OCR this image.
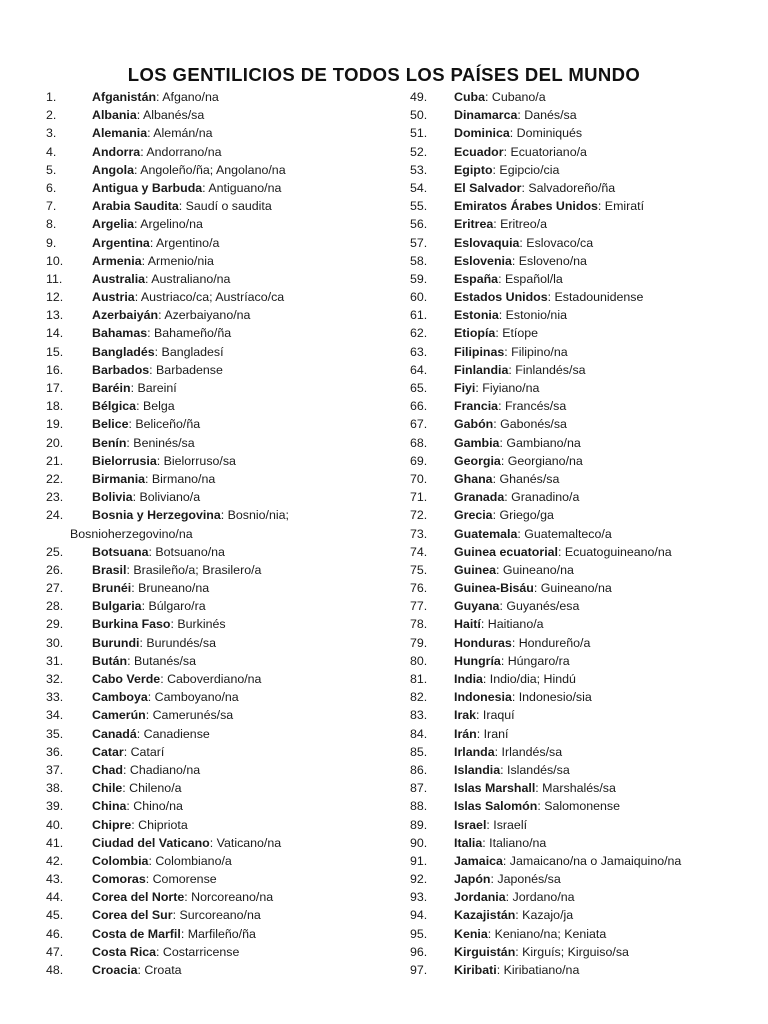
LOS GENTILICIOS DE TODOS LOS PAÍSES DEL MUNDO
1.	Afganistán: Afgano/na
2.	Albania: Albanés/sa
3.	Alemania: Alemán/na
4.	Andorra: Andorrano/na
5.	Angola: Angoleño/ña; Angolano/na
6.	Antigua y Barbuda: Antiguano/na
7.	Arabia Saudita: Saudí o saudita
8.	Argelia: Argelino/na
9.	Argentina: Argentino/a
10. Armenia: Armenio/nia
11. Australia: Australiano/na
12. Austria: Austriaco/ca; Austríaco/ca
13. Azerbaiyán: Azerbaiyano/na
14. Bahamas: Bahameño/ña
15. Bangladés: Bangladesí
16. Barbados: Barbadense
17. Baréin: Bareiní
18. Bélgica: Belga
19. Belice: Beliceño/ña
20. Benín: Beninés/sa
21. Bielorrusia: Bielorruso/sa
22. Birmania: Birmano/na
23. Bolivia: Boliviano/a
24. Bosnia y Herzegovina: Bosnio/nia;
Bosnioherzegovino/na
25. Botsuana: Botsuano/na
26. Brasil: Brasileño/a; Brasilero/a
27. Brunéi: Bruneano/na
28. Bulgaria: Búlgaro/ra
29. Burkina Faso: Burkinés
30. Burundi: Burundés/sa
31. Bután: Butanés/sa
32. Cabo Verde: Caboverdiano/na
33. Camboya: Camboyano/na
34. Camerún: Camerunés/sa
35. Canadá: Canadiense
36. Catar: Catarí
37. Chad: Chadiano/na
38. Chile: Chileno/a
39. China: Chino/na
40. Chipre: Chipriota
41. Ciudad del Vaticano: Vaticano/na
42. Colombia: Colombiano/a
43. Comoras: Comorense
44. Corea del Norte: Norcoreano/na
45. Corea del Sur: Surcoreano/na
46. Costa de Marfil: Marfileño/ña
47. Costa Rica: Costarricense
48. Croacia: Croata
49. Cuba: Cubano/a
50. Dinamarca: Danés/sa
51. Dominica: Dominiqués
52. Ecuador: Ecuatoriano/a
53. Egipto: Egipcio/cia
54. El Salvador: Salvadoreño/ña
55. Emiratos Árabes Unidos: Emiratí
56. Eritrea: Eritreo/a
57. Eslovaquia: Eslovaco/ca
58. Eslovenia: Esloveno/na
59. España: Español/la
60. Estados Unidos: Estadounidense
61. Estonia: Estonio/nia
62. Etiopía: Etíope
63. Filipinas: Filipino/na
64. Finlandia: Finlandés/sa
65. Fiyi: Fiyiano/na
66. Francia: Francés/sa
67. Gabón: Gabonés/sa
68. Gambia: Gambiano/na
69. Georgia: Georgiano/na
70. Ghana: Ghanés/sa
71. Granada: Granadino/a
72. Grecia: Griego/ga
73. Guatemala: Guatemalteco/a
74. Guinea ecuatorial: Ecuatoguineano/na
75. Guinea: Guineano/na
76. Guinea-Bisáu: Guineano/na
77. Guyana: Guyanés/esa
78. Haití: Haitiano/a
79. Honduras: Hondureño/a
80. Hungría: Húngaro/ra
81. India: Indio/dia; Hindú
82. Indonesia: Indonesio/sia
83. Irak: Iraquí
84. Irán: Iraní
85. Irlanda: Irlandés/sa
86. Islandia: Islandés/sa
87. Islas Marshall: Marshalés/sa
88. Islas Salomón: Salomonense
89. Israel: Israelí
90. Italia: Italiano/na
91. Jamaica: Jamaicano/na o Jamaiquino/na
92. Japón: Japonés/sa
93. Jordania: Jordano/na
94. Kazajistán: Kazajo/ja
95. Kenia: Keniano/na; Keniata
96. Kirguistán: Kirguís; Kirguiso/sa
97. Kiribati: Kiribatiano/na
